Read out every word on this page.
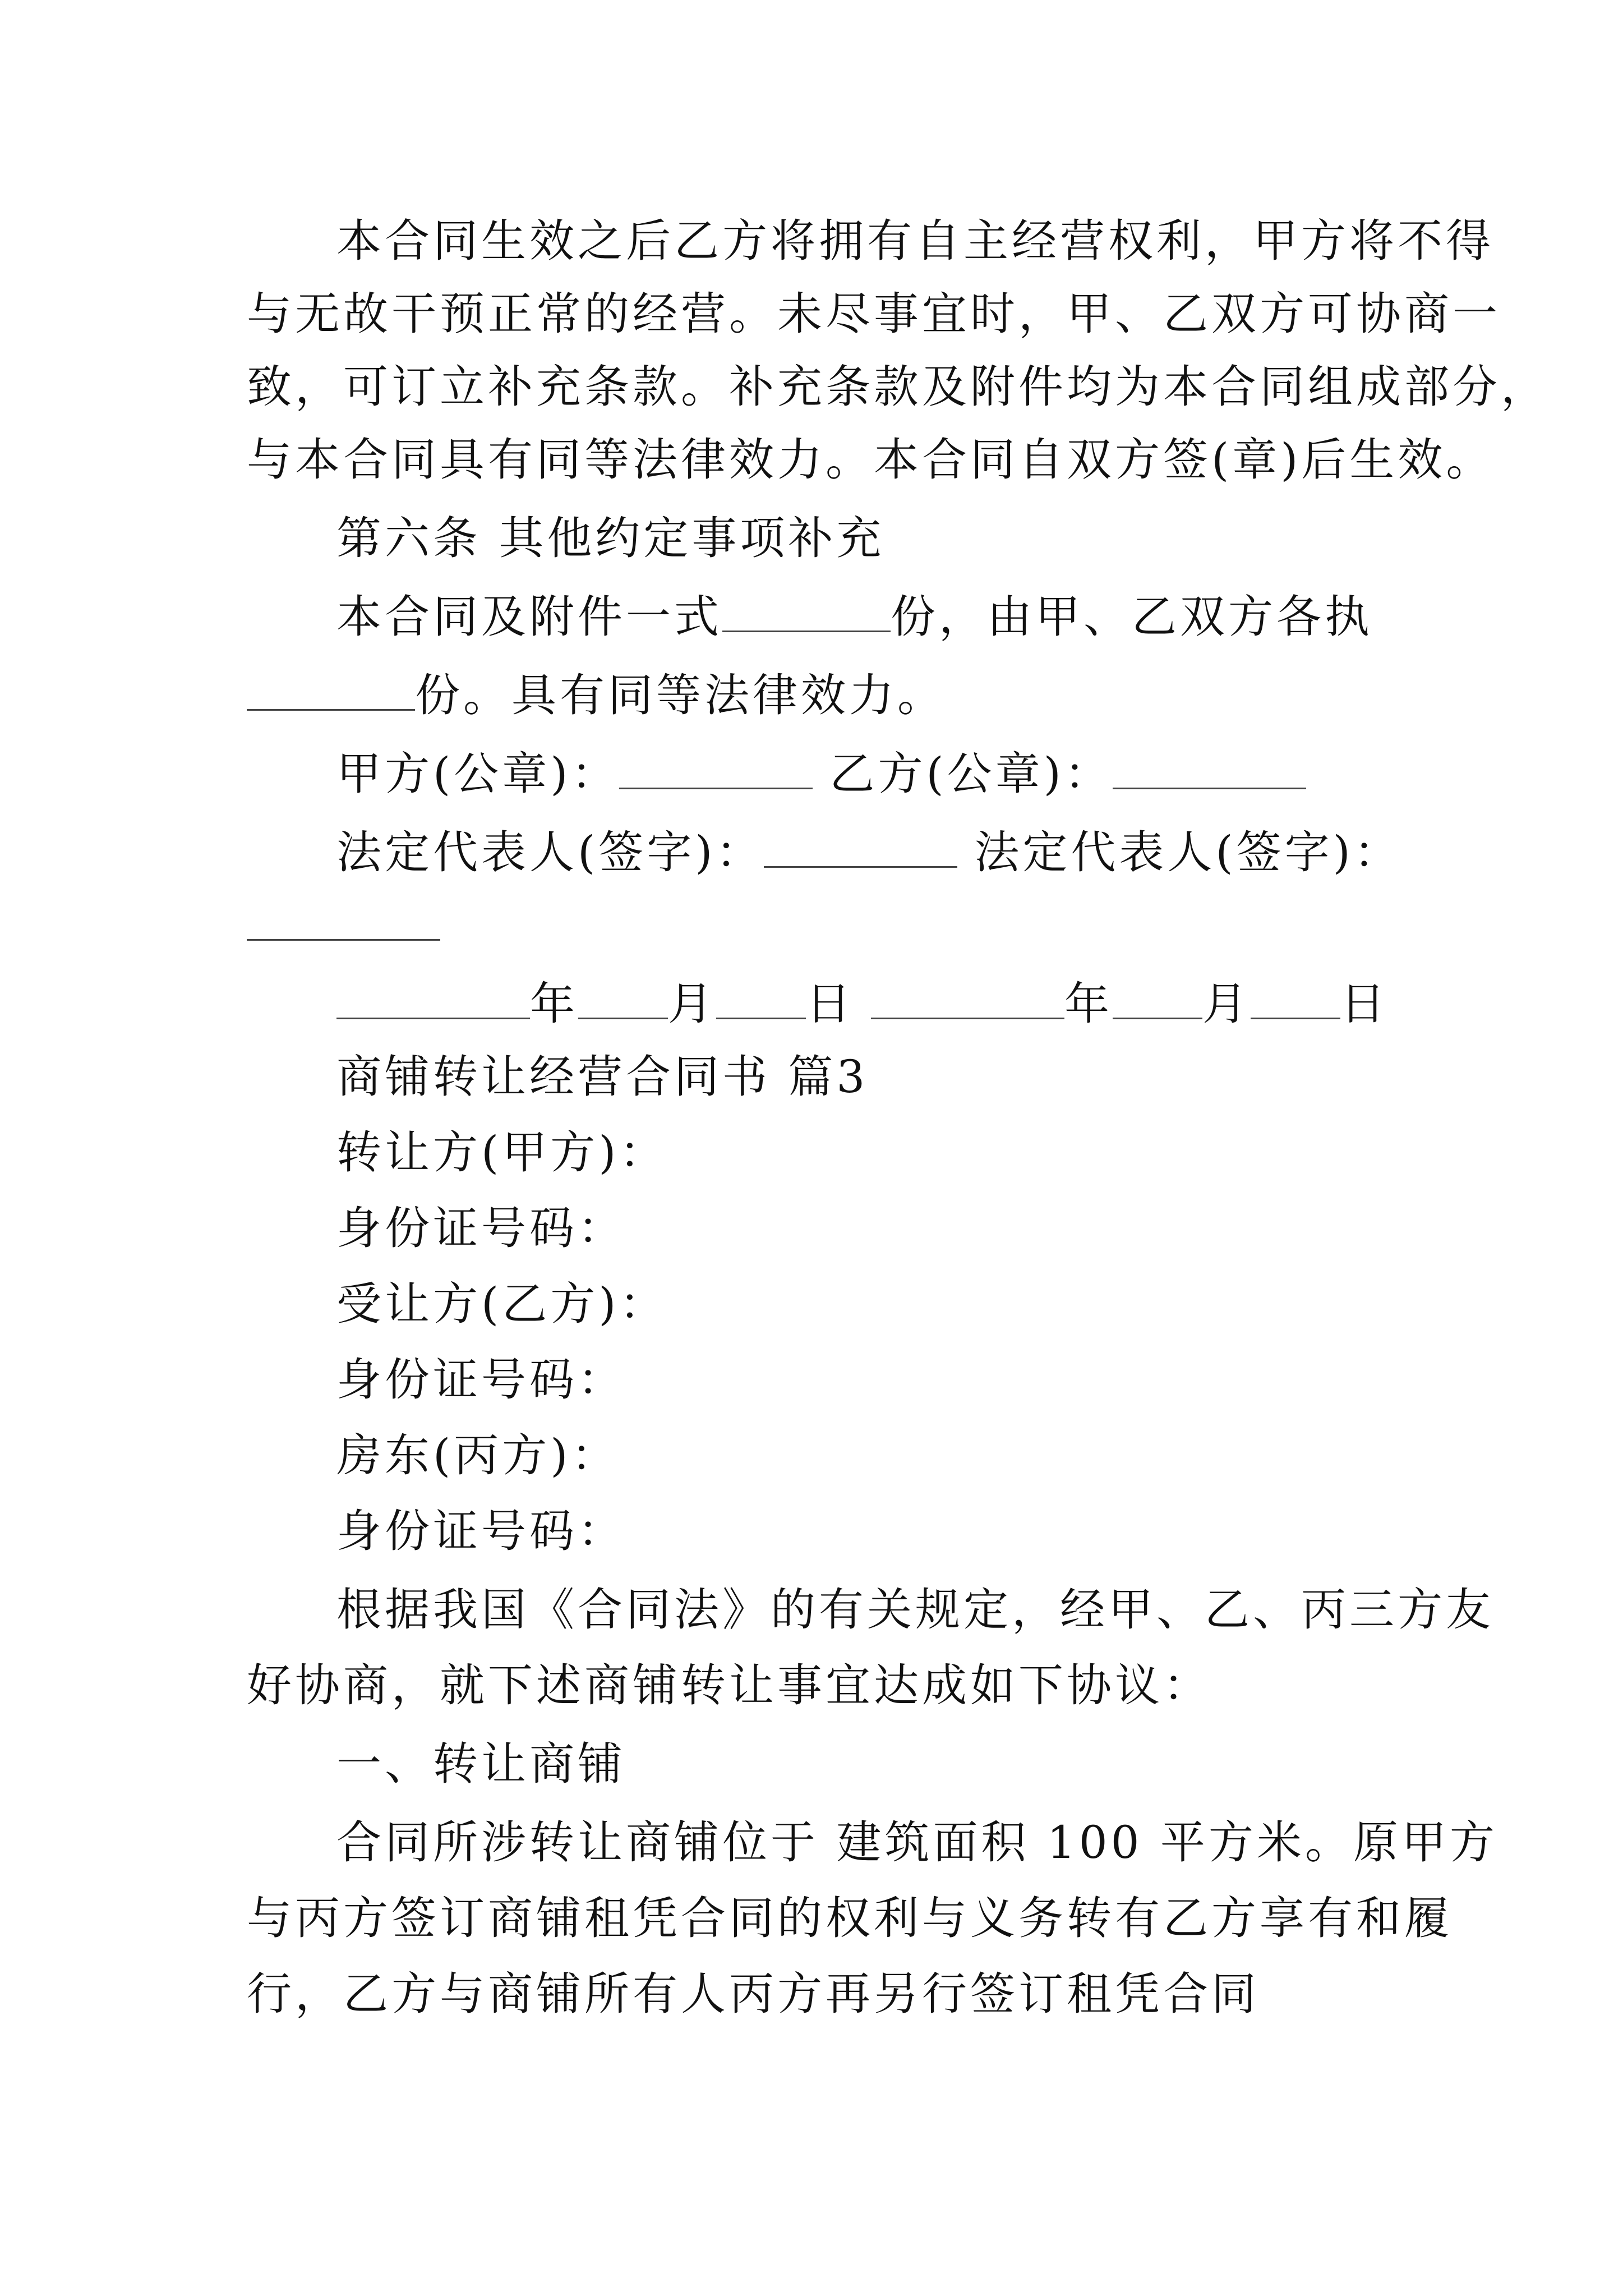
本合同生效之后乙方将拥有自主经营权利，甲方将不得
与无故干预正常的经营。未尽事宜时，甲、乙双方可协商一
致，可订立补充条款。补充条款及附件均为本合同组成部分，
与本合同具有同等法律效力。本合同自双方签(章)后生效。
第六条 其他约定事项补充
本合同及附件一式	份，由甲、乙双方各执
份。具有同等法律效力。
甲方(公章)：	乙方(公章)：
法定代表人(签字)：	法定代表人(签字)：
年 月 日	年 月 日
商铺转让经营合同书 篇3
转让方(甲方)：
身份证号码：
受让方(乙方)：
身份证号码：
房东(丙方)：
身份证号码：
根据我国《合同法》的有关规定，经甲、乙、丙三方友
好协商，就下述商铺转让事宜达成如下协议：
一、转让商铺
合同所涉转让商铺位于 建筑面积 100 平方米。原甲方
与丙方签订商铺租凭合同的权利与义务转有乙方享有和履
行，乙方与商铺所有人丙方再另行签订租凭合同
